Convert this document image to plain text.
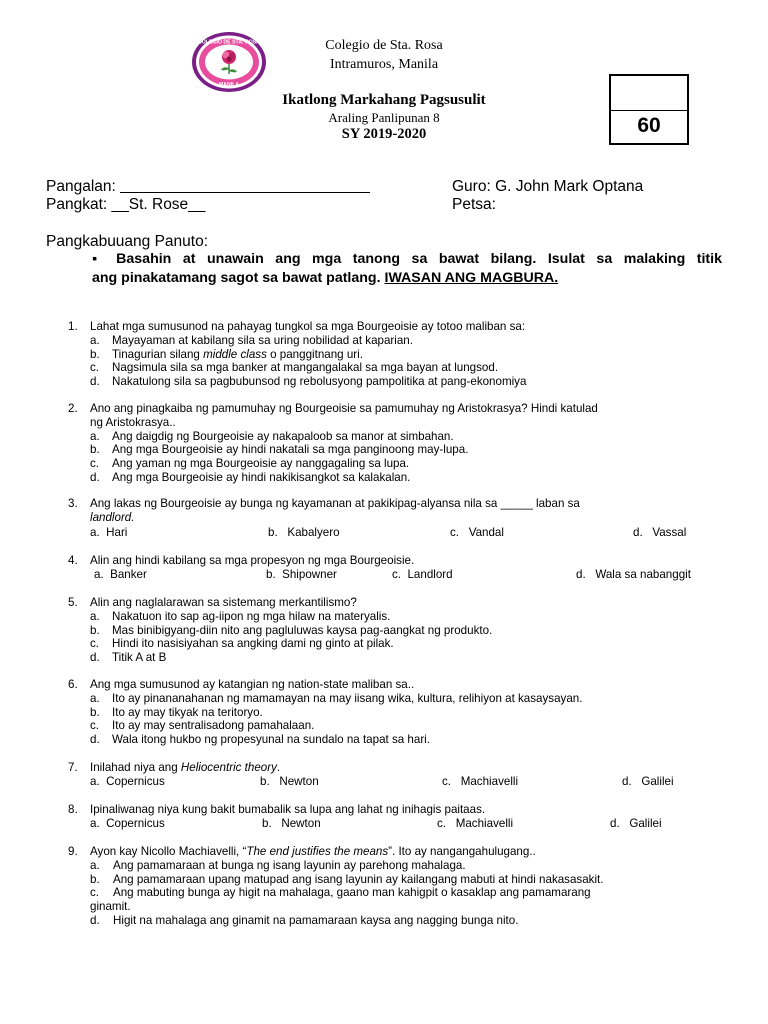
COLEGIO DE STA. ROSA
MANILA
Colegio de Sta. Rosa
Intramuros, Manila
Ikatlong Markahang Pagsusulit
Araling Panlipunan 8
SY 2019-2020	60
Pangalan:	Guro: G. John Mark Optana
Pangkat: __St. Rose__	Petsa:
Pangkabuuang Panuto:
▪ Basahin at unawain ang mga tanong sa bawat bilang. Isulat sa malaking titik
ang pinakatamang sagot sa bawat patlang. IWASAN ANG MAGBURA.
1. Lahat mga sumusunod na pahayag tungkol sa mga Bourgeoisie ay totoo maliban sa:
a. Mayayaman at kabilang sila sa uring nobilidad at kaparian.
b. Tinagurian silang middle class o panggitnang uri.
c. Nagsimula sila sa mga banker at mangangalakal sa mga bayan at lungsod.
d. Nakatulong sila sa pagbubunsod ng rebolusyong pampolitika at pang-ekonomiya
2. Ano ang pinagkaiba ng pamumuhay ng Bourgeoisie sa pamumuhay ng Aristokrasya? Hindi katulad
ng Aristokrasya..
a. Ang daigdig ng Bourgeoisie ay nakapaloob sa manor at simbahan.
b. Ang mga Bourgeoisie ay hindi nakatali sa mga panginoong may-lupa.
c. Ang yaman ng mga Bourgeoisie ay nanggagaling sa lupa.
d. Ang mga Bourgeoisie ay hindi nakikisangkot sa kalakalan.
3. Ang lakas ng Bourgeoisie ay bunga ng kayamanan at pakikipag-alyansa nila sa _____ laban sa
landlord.
a. Hari	b. Kabalyero	c. Vandal	d. Vassal
4. Alin ang hindi kabilang sa mga propesyon ng mga Bourgeoisie.
a. Banker	b. Shipowner	c. Landlord	d. Wala sa nabanggit
5. Alin ang naglalarawan sa sistemang merkantilismo?
a. Nakatuon ito sap ag-iipon ng mga hilaw na materyalis.
b. Mas binibigyang-diin nito ang pagluluwas kaysa pag-aangkat ng produkto.
c. Hindi ito nasisiyahan sa angking dami ng ginto at pilak.
d. Titik A at B
6. Ang mga sumusunod ay katangian ng nation-state maliban sa..
a. Ito ay pinananahanan ng mamamayan na may iisang wika, kultura, relihiyon at kasaysayan.
b. Ito ay may tikyak na teritoryo.
c. Ito ay may sentralisadong pamahalaan.
d. Wala itong hukbo ng propesyunal na sundalo na tapat sa hari.
7. Inilahad niya ang Heliocentric theory.
a. Copernicus	b. Newton	c. Machiavelli	d. Galilei
8. Ipinaliwanag niya kung bakit bumabalik sa lupa ang lahat ng inihagis paitaas.
a. Copernicus	b. Newton	c. Machiavelli	d. Galilei
9. Ayon kay Nicollo Machiavelli, “The end justifies the means”. Ito ay nangangahulugang..
a. Ang pamamaraan at bunga ng isang layunin ay parehong mahalaga.
b. Ang pamamaraan upang matupad ang isang layunin ay kailangang mabuti at hindi nakasasakit.
c. Ang mabuting bunga ay higit na mahalaga, gaano man kahigpit o kasaklap ang pamamarang
ginamit.
d. Higit na mahalaga ang ginamit na pamamaraan kaysa ang nagging bunga nito.
